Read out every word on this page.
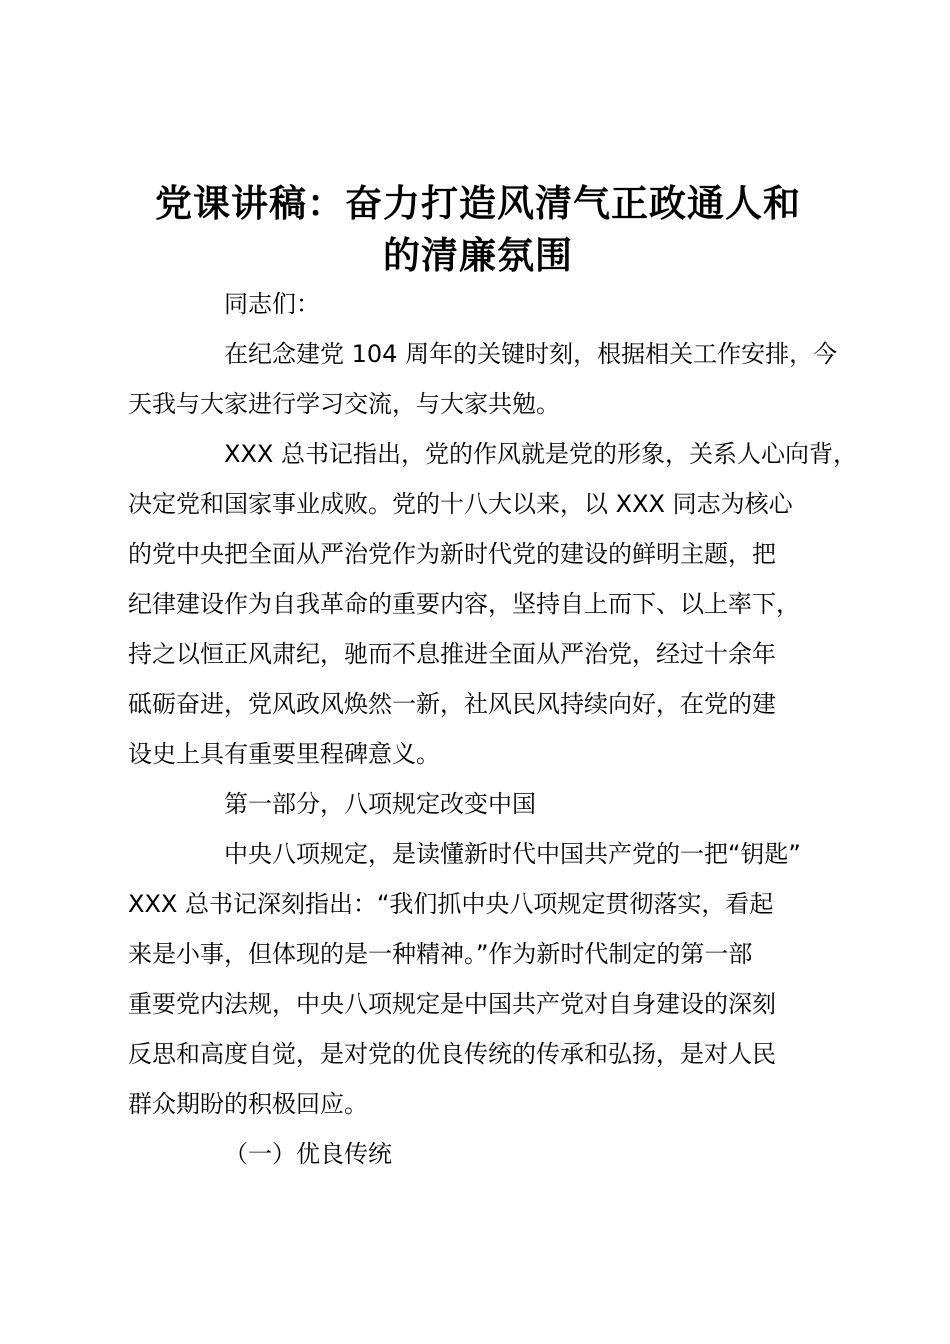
党课讲稿：奋力打造风清气正政通人和
的清廉氛围

同志们：

在纪念建党 104 周年的关键时刻，根据相关工作安排，今
天我与大家进行学习交流，与大家共勉。

XXX 总书记指出，党的作风就是党的形象，关系人心向背，
决定党和国家事业成败。党的十八大以来，以 XXX 同志为核心
的党中央把全面从严治党作为新时代党的建设的鲜明主题，把
纪律建设作为自我革命的重要内容，坚持自上而下、以上率下，
持之以恒正风肃纪，驰而不息推进全面从严治党，经过十余年
砥砺奋进，党风政风焕然一新，社风民风持续向好，在党的建
设史上具有重要里程碑意义。

第一部分，八项规定改变中国

中央八项规定，是读懂新时代中国共产党的一把“钥匙”
XXX 总书记深刻指出：“我们抓中央八项规定贯彻落实，看起
来是小事，但体现的是一种精神。”作为新时代制定的第一部
重要党内法规，中央八项规定是中国共产党对自身建设的深刻
反思和高度自觉，是对党的优良传统的传承和弘扬，是对人民
群众期盼的积极回应。

（一）优良传统
